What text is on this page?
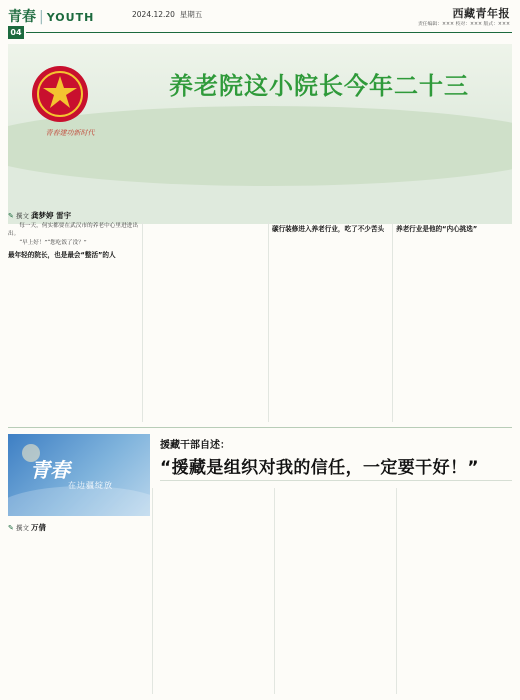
青春 | YOUTH	2024.12.20 星期五	西藏青年报
责任编辑：××× 校对：××× 版式：×××
04
青春建功新时代
养老院这小院长今年二十三
✎ 撰文 龚梦婷 雷宇

每一天，何实都要在武汉市的养老中心里进进出出。

“早上好！”“您吃饭了没？”

最年轻的院长，也是最会“整活”的人
碳行装修进入养老行业，吃了不少苦头	养老行业是他的“内心挑选”
青春
在边疆绽放
援藏干部自述：
“援藏是组织对我的信任，一定要干好！”
✎ 撰文 万倩
